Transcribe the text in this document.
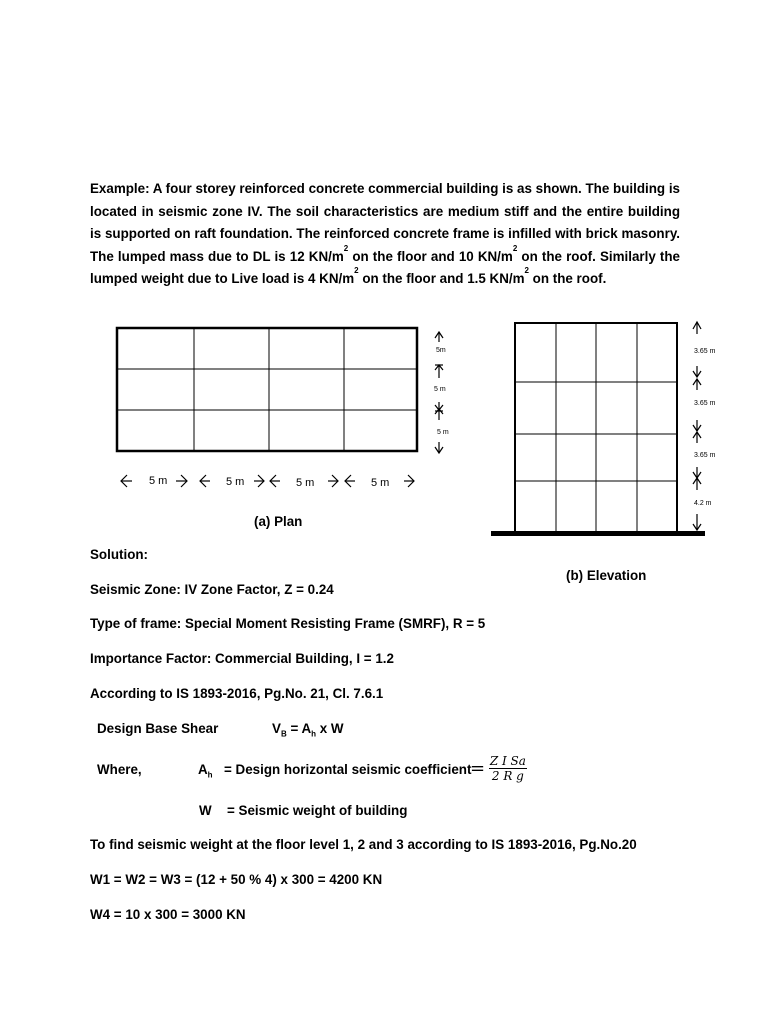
Example: A four storey reinforced concrete commercial building is as shown. The building is located in seismic zone IV. The soil characteristics are medium stiff and the entire building is supported on raft foundation. The reinforced concrete frame is infilled with brick masonry. The lumped mass due to DL is 12 $KN/m^2$ on the floor and 10 $KN/m^2$ on the roof. Similarly the lumped weight due to Live load is 4 $KN/m^2$ on the floor and 1.5 $KN/m^2$ on the roof.
5 m	5 m	5 m	5 m
5m
5 m
5 m
3.65 m
3.65 m
3.65 m
4.2 m
(a) Plan
(b) Elevation
Solution:
Seismic Zone: IV Zone Factor, Z = 0.24
Type of frame: Special Moment Resisting Frame (SMRF), R = 5
Importance Factor: Commercial Building, I = 1.2
According to IS 1893-2016, Pg.No. 21, Cl. 7.6.1
Design Base Shear	$V_B = A_h$ x W
Where,	$A_h$ = Design horizontal seismic coefficient
= $\frac{\text{Z I Sa}}{\text{2 R g}}$
W = Seismic weight of building
To find seismic weight at the floor level 1, 2 and 3 according to IS 1893-2016, Pg.No.20
W1 = W2 = W3 = (12 + 50 % 4) x 300 = 4200 KN
W4 = 10 x 300 = 3000 KN
